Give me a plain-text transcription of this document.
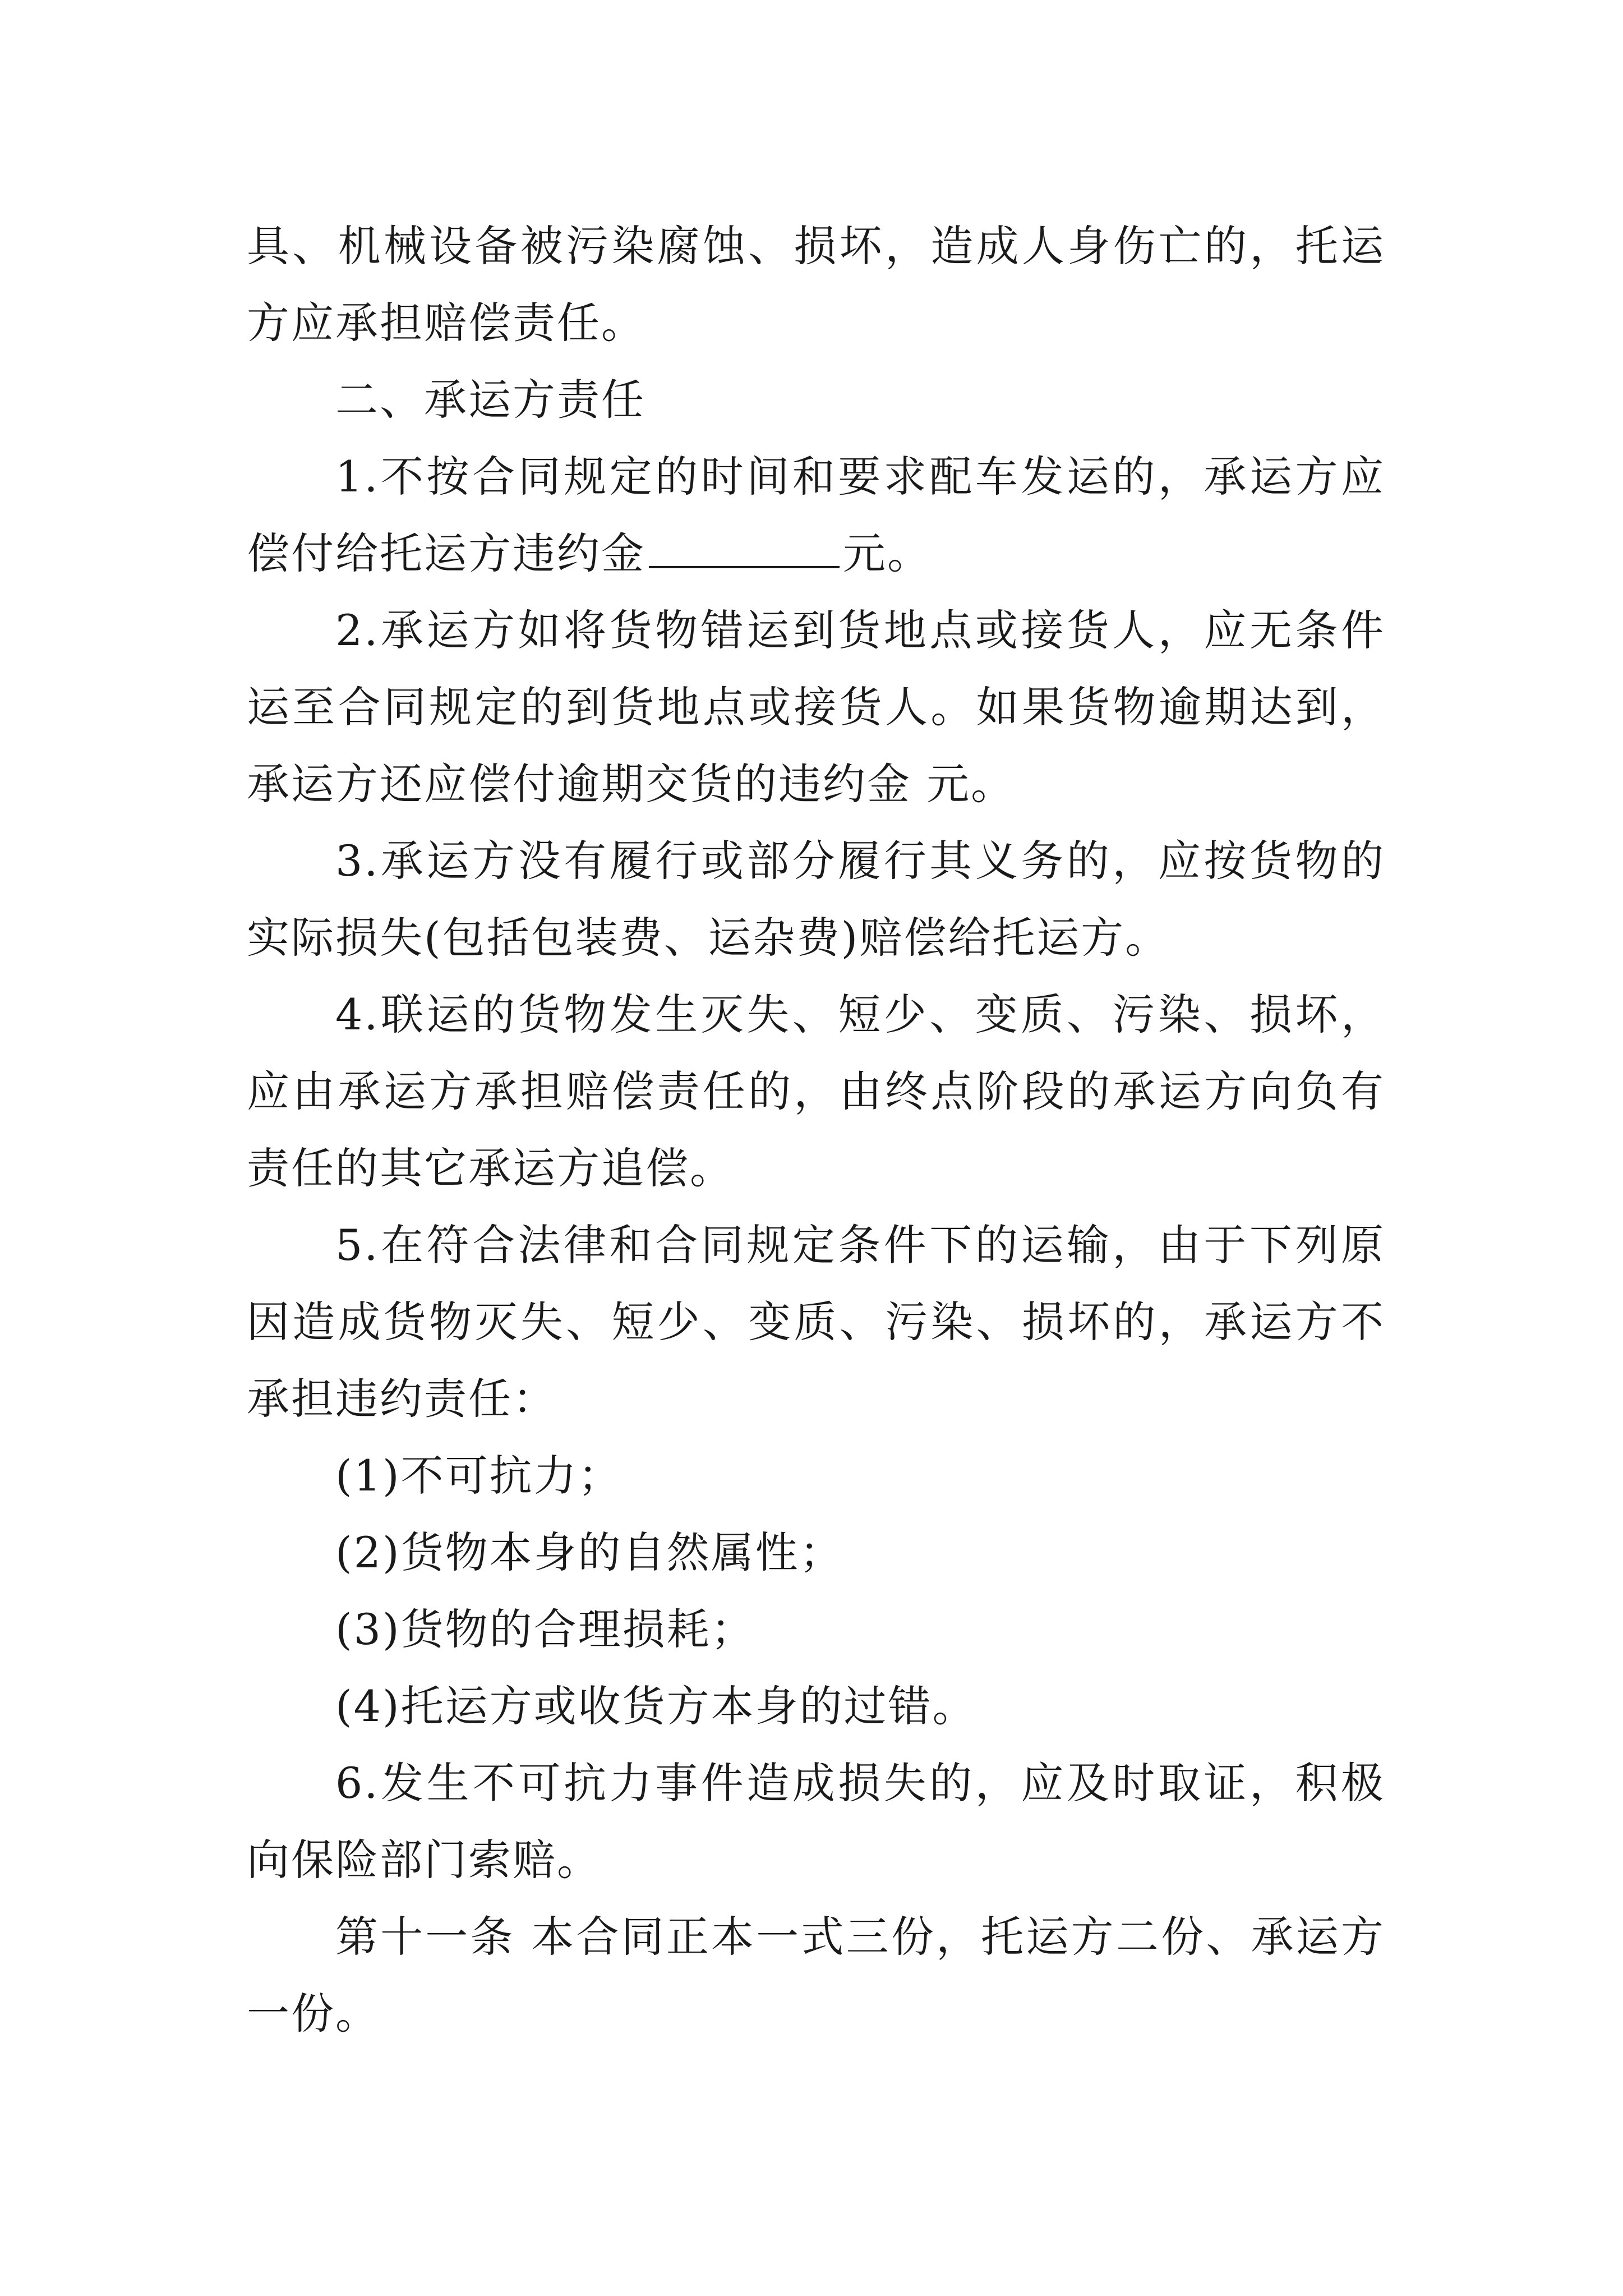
具、机械设备被污染腐蚀、损坏，造成人身伤亡的，托运方应承担赔偿责任。

二、承运方责任

1.不按合同规定的时间和要求配车发运的，承运方应偿付给托运方违约金	元。

2.承运方如将货物错运到货地点或接货人，应无条件运至合同规定的到货地点或接货人。如果货物逾期达到，承运方还应偿付逾期交货的违约金 元。

3.承运方没有履行或部分履行其义务的，应按货物的实际损失(包括包装费、运杂费)赔偿给托运方。

4.联运的货物发生灭失、短少、变质、污染、损坏，应由承运方承担赔偿责任的，由终点阶段的承运方向负有责任的其它承运方追偿。

5.在符合法律和合同规定条件下的运输，由于下列原因造成货物灭失、短少、变质、污染、损坏的，承运方不承担违约责任：

(1)不可抗力；

(2)货物本身的自然属性；

(3)货物的合理损耗；

(4)托运方或收货方本身的过错。

6.发生不可抗力事件造成损失的，应及时取证，积极向保险部门索赔。

第十一条 本合同正本一式三份，托运方二份、承运方一份。
